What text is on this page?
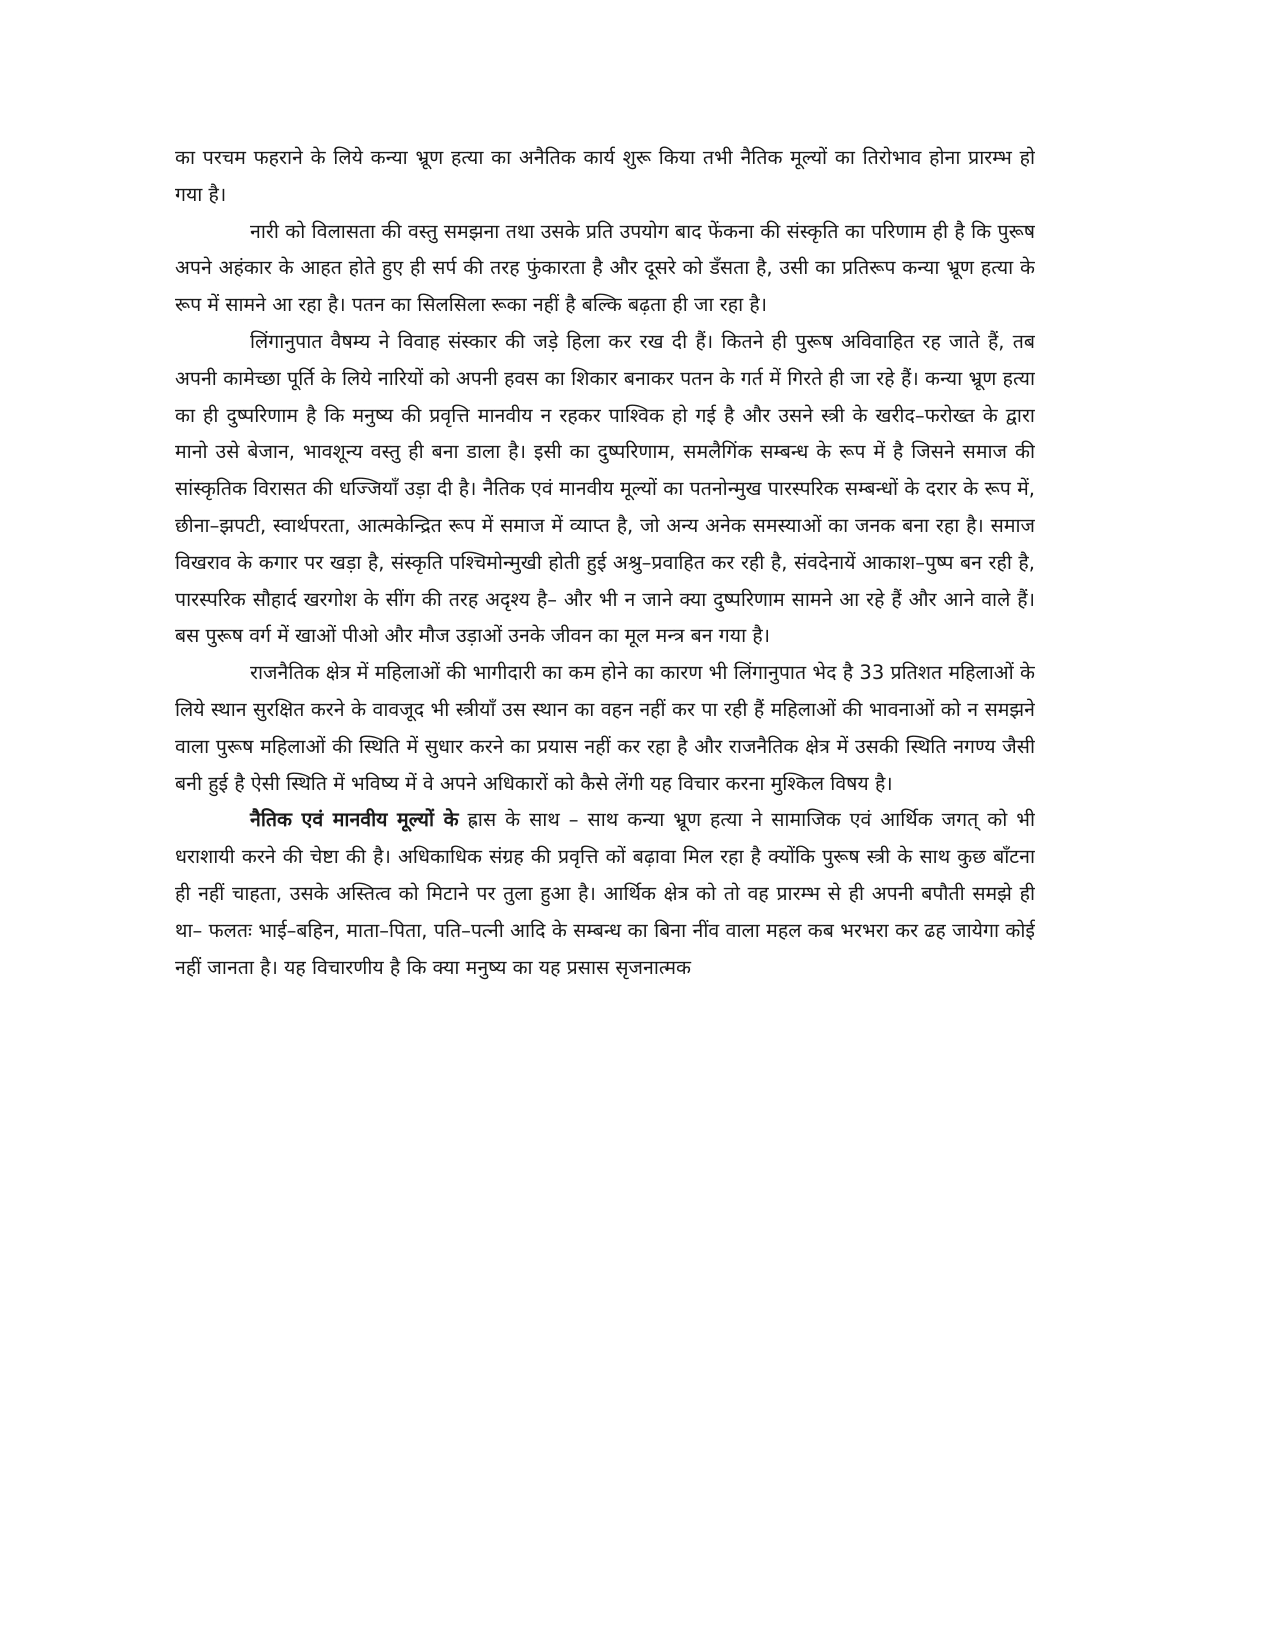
का परचम फहराने के लिये कन्या भ्रूण हत्या का अनैतिक कार्य शुरू किया तभी नैतिक मूल्यों का तिरोभाव होना प्रारम्भ हो गया है।

नारी को विलासता की वस्तु समझना तथा उसके प्रति उपयोग बाद फेंकना की संस्कृति का परिणाम ही है कि पुरूष अपने अहंकार के आहत होते हुए ही सर्प की तरह फुंकारता है और दूसरे को डँसता है, उसी का प्रतिरूप कन्या भ्रूण हत्या के रूप में सामने आ रहा है। पतन का सिलसिला रूका नहीं है बल्कि बढ़ता ही जा रहा है।

लिंगानुपात वैषम्य ने विवाह संस्कार की जड़े हिला कर रख दी हैं। कितने ही पुरूष अविवाहित रह जाते हैं, तब अपनी कामेच्छा पूर्ति के लिये नारियों को अपनी हवस का शिकार बनाकर पतन के गर्त में गिरते ही जा रहे हैं। कन्या भ्रूण हत्या का ही दुष्परिणाम है कि मनुष्य की प्रवृत्ति मानवीय न रहकर पाश्विक हो गई है और उसने स्त्री के खरीद–फरोख्त के द्वारा मानो उसे बेजान, भावशून्य वस्तु ही बना डाला है। इसी का दुष्परिणाम, समलैगिंक सम्बन्ध के रूप में है जिसने समाज की सांस्कृतिक विरासत की धज्जियाँ उड़ा दी है। नैतिक एवं मानवीय मूल्यों का पतनोन्मुख पारस्परिक सम्बन्धों के दरार के रूप में, छीना–झपटी, स्वार्थपरता, आत्मकेन्द्रित रूप में समाज में व्याप्त है, जो अन्य अनेक समस्याओं का जनक बना रहा है। समाज विखराव के कगार पर खड़ा है, संस्कृति पश्चिमोन्मुखी होती हुई अश्रु–प्रवाहित कर रही है, संवदेनायें आकाश–पुष्प बन रही है, पारस्परिक सौहार्द खरगोश के सींग की तरह अदृश्य है– और भी न जाने क्या दुष्परिणाम सामने आ रहे हैं और आने वाले हैं। बस पुरूष वर्ग में खाओं पीओ और मौज उड़ाओं उनके जीवन का मूल मन्त्र बन गया है।

राजनैतिक क्षेत्र में महिलाओं की भागीदारी का कम होने का कारण भी लिंगानुपात भेद है 33 प्रतिशत महिलाओं के लिये स्थान सुरक्षित करने के वावजूद भी स्त्रीयाँ उस स्थान का वहन नहीं कर पा रही हैं महिलाओं की भावनाओं को न समझने वाला पुरूष महिलाओं की स्थिति में सुधार करने का प्रयास नहीं कर रहा है और राजनैतिक क्षेत्र में उसकी स्थिति नगण्य जैसी बनी हुई है ऐसी स्थिति में भविष्य में वे अपने अधिकारों को कैसे लेंगी यह विचार करना मुश्किल विषय है।

नैतिक एवं मानवीय मूल्यों के ह्रास के साथ – साथ कन्या भ्रूण हत्या ने सामाजिक एवं आर्थिक जगत् को भी धराशायी करने की चेष्टा की है। अधिकाधिक संग्रह की प्रवृत्ति कों बढ़ावा मिल रहा है क्योंकि पुरूष स्त्री के साथ कुछ बाँटना ही नहीं चाहता, उसके अस्तित्व को मिटाने पर तुला हुआ है। आर्थिक क्षेत्र को तो वह प्रारम्भ से ही अपनी बपौती समझे ही था– फलतः भाई–बहिन, माता–पिता, पति–पत्नी आदि के सम्बन्ध का बिना नींव वाला महल कब भरभरा कर ढह जायेगा कोई नहीं जानता है। यह विचारणीय है कि क्या मनुष्य का यह प्रसास सृजनात्मक
